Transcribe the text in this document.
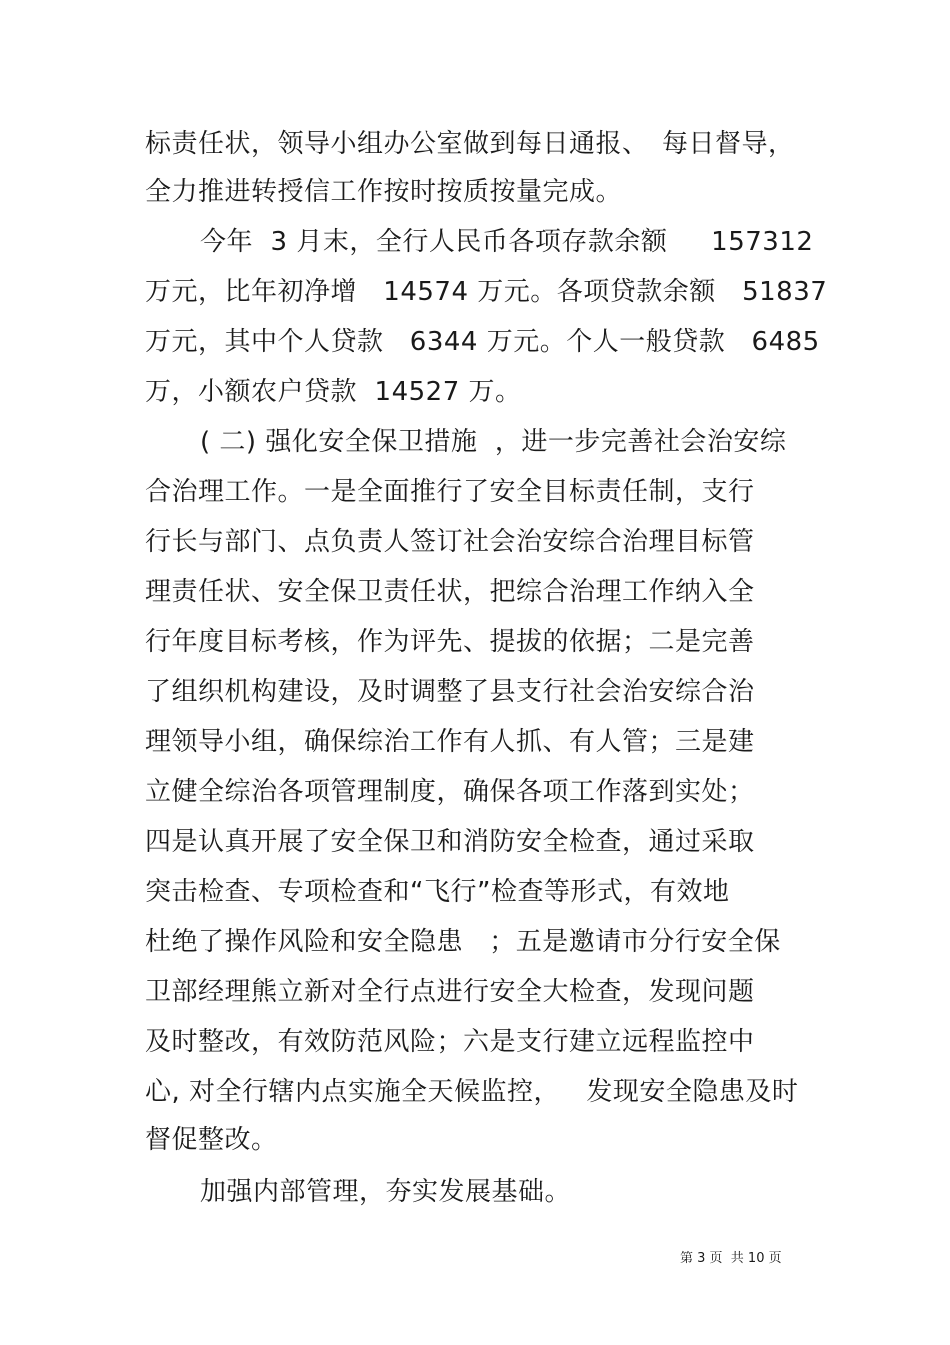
标责任状，领导小组办公室做到每日通报、　每日督导，
全力推进转授信工作按时按质按量完成。
今年  3 月末，全行人民币各项存款余额     157312
万元，比年初净增   14574 万元。各项贷款余额   51837
万元，其中个人贷款   6344 万元。个人一般贷款   6485
万，小额农户贷款  14527 万。
( 二) 强化安全保卫措施  ，进一步完善社会治安综
合治理工作。一是全面推行了安全目标责任制，支行
行长与部门、点负责人签订社会治安综合治理目标管
理责任状、安全保卫责任状，把综合治理工作纳入全
行年度目标考核，作为评先、提拔的依据；二是完善
了组织机构建设，及时调整了县支行社会治安综合治
理领导小组，确保综治工作有人抓、有人管；三是建
立健全综治各项管理制度，确保各项工作落到实处；
四是认真开展了安全保卫和消防安全检查，通过采取
突击检查、专项检查和“飞行”检查等形式，有效地
杜绝了操作风险和安全隐患   ；五是邀请市分行安全保
卫部经理熊立新对全行点进行安全大检查，发现问题
及时整改，有效防范风险；六是支行建立远程监控中
心, 对全行辖内点实施全天候监控，   发现安全隐患及时
督促整改。
加强内部管理，夯实发展基础。
第 3 页  共 10 页
